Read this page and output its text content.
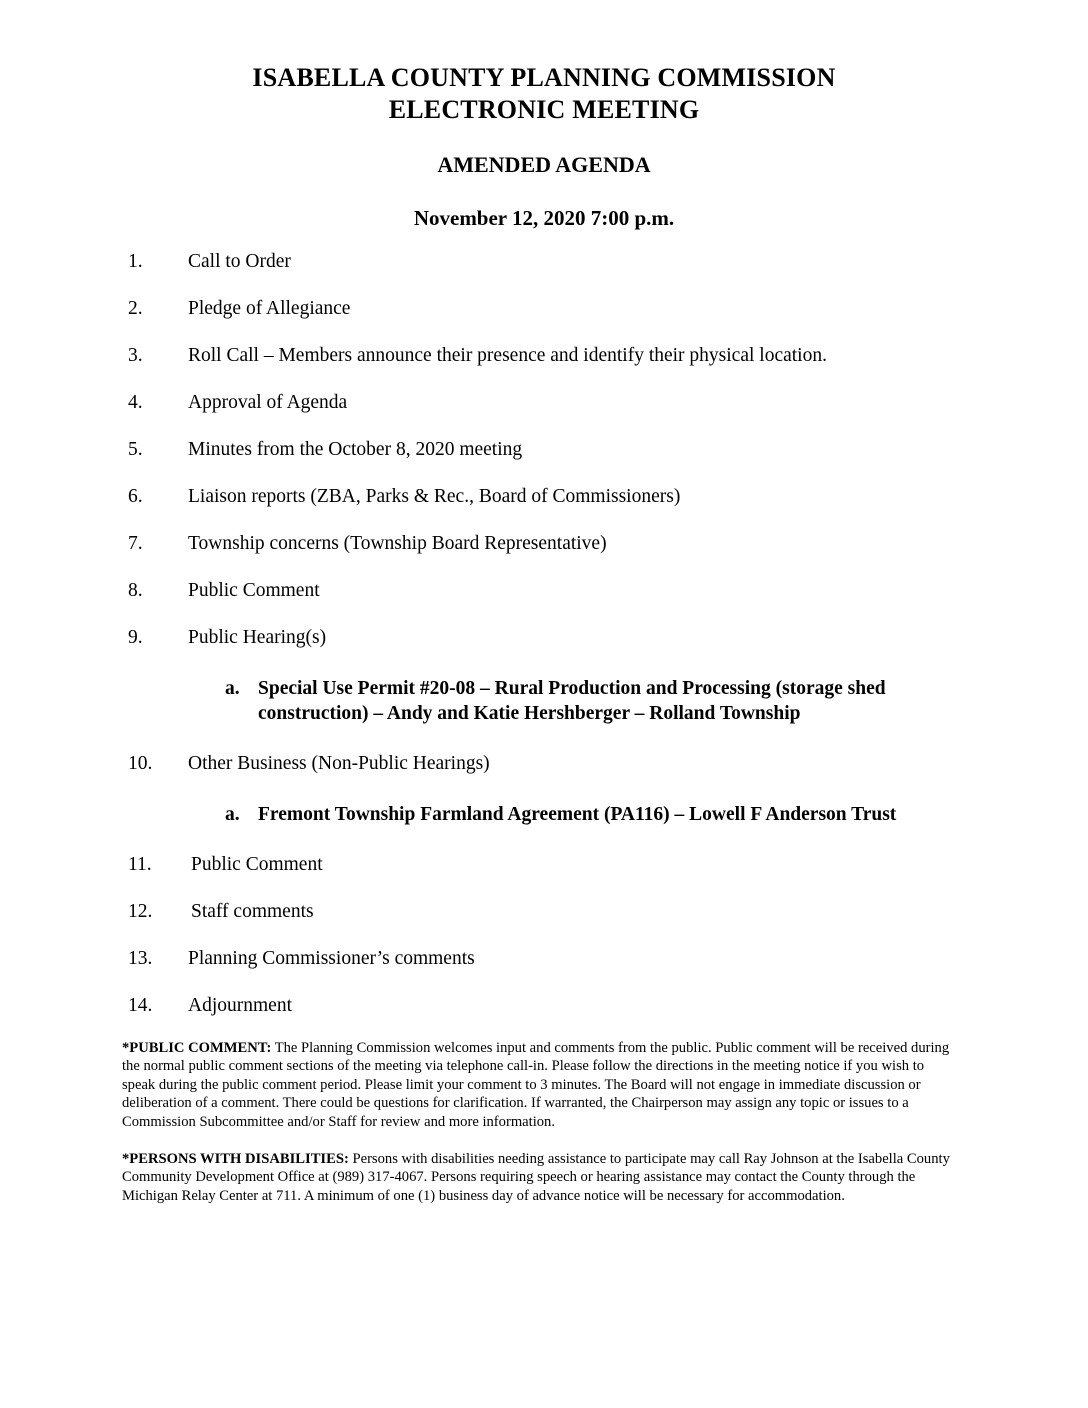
ISABELLA COUNTY PLANNING COMMISSION
ELECTRONIC MEETING
AMENDED AGENDA
November 12, 2020 7:00 p.m.
1.	Call to Order
2.	Pledge of Allegiance
3.	Roll Call – Members announce their presence and identify their physical location.
4.	Approval of Agenda
5.	Minutes from the October 8, 2020 meeting
6.	Liaison reports (ZBA, Parks & Rec., Board of Commissioners)
7.	Township concerns (Township Board Representative)
8.	Public Comment
9.	Public Hearing(s)
a. Special Use Permit #20-08 – Rural Production and Processing (storage shed construction) – Andy and Katie Hershberger – Rolland Township
10.	Other Business (Non-Public Hearings)
a. Fremont Township Farmland Agreement (PA116) – Lowell F Anderson Trust
11.	Public Comment
12.	Staff comments
13.	Planning Commissioner’s comments
14.	Adjournment

*PUBLIC COMMENT: The Planning Commission welcomes input and comments from the public. Public comment will be received during the normal public comment sections of the meeting via telephone call-in. Please follow the directions in the meeting notice if you wish to speak during the public comment period. Please limit your comment to 3 minutes. The Board will not engage in immediate discussion or deliberation of a comment. There could be questions for clarification. If warranted, the Chairperson may assign any topic or issues to a Commission Subcommittee and/or Staff for review and more information.

*PERSONS WITH DISABILITIES: Persons with disabilities needing assistance to participate may call Ray Johnson at the Isabella County Community Development Office at (989) 317-4067. Persons requiring speech or hearing assistance may contact the County through the Michigan Relay Center at 711. A minimum of one (1) business day of advance notice will be necessary for accommodation.
